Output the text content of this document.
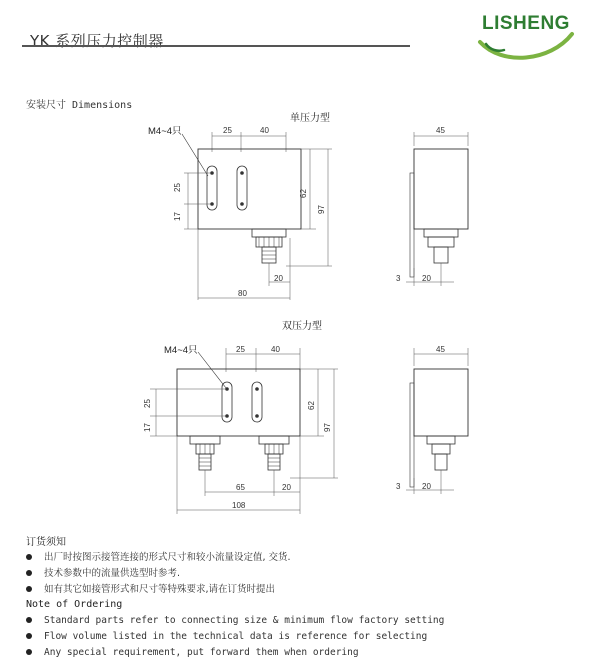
YK 系列压力控制器
LISHENG
安装尺寸 Dimensions
单压力型
M4~4只	25	40
25
17
62
97
20
80
45
3	20
双压力型
M4~4只	25	40
25
17
62
97
65	20
108
45
3	20
订货须知
出厂时按图示接管连接的形式尺寸和较小流量设定值, 交货.
技术参数中的流量供选型时参考.
如有其它如接管形式和尺寸等特殊要求,请在订货时提出
Note of Ordering
Standard parts refer to connecting size & minimum flow factory setting
Flow volume listed in the technical data is reference for selecting
Any special requirement, put forward them when ordering
